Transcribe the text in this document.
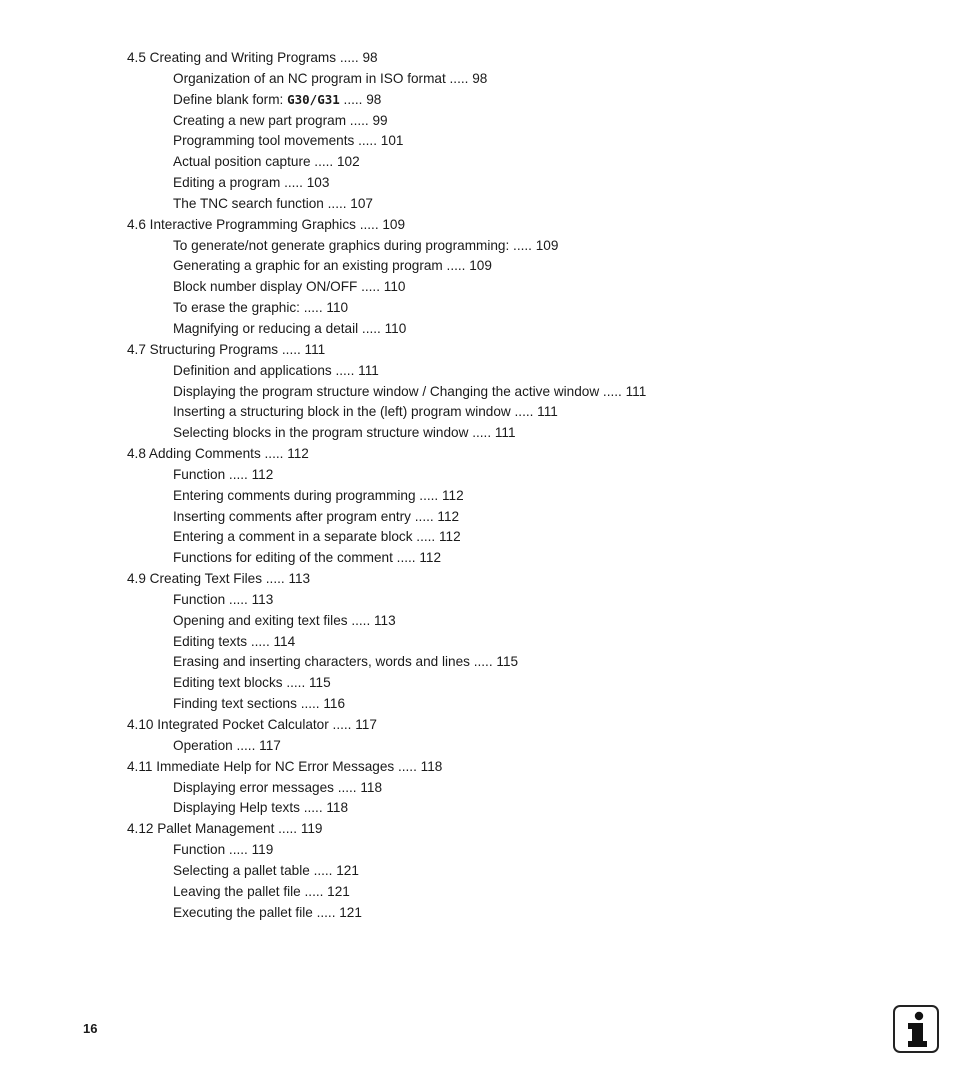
4.5 Creating and Writing Programs ..... 98
Organization of an NC program in ISO format ..... 98
Define blank form: G30/G31 ..... 98
Creating a new part program ..... 99
Programming tool movements ..... 101
Actual position capture ..... 102
Editing a program ..... 103
The TNC search function ..... 107
4.6 Interactive Programming Graphics ..... 109
To generate/not generate graphics during programming: ..... 109
Generating a graphic for an existing program ..... 109
Block number display ON/OFF ..... 110
To erase the graphic: ..... 110
Magnifying or reducing a detail ..... 110
4.7 Structuring Programs ..... 111
Definition and applications ..... 111
Displaying the program structure window / Changing the active window ..... 111
Inserting a structuring block in the (left) program window ..... 111
Selecting blocks in the program structure window ..... 111
4.8 Adding Comments ..... 112
Function ..... 112
Entering comments during programming ..... 112
Inserting comments after program entry ..... 112
Entering a comment in a separate block ..... 112
Functions for editing of the comment ..... 112
4.9 Creating Text Files ..... 113
Function ..... 113
Opening and exiting text files ..... 113
Editing texts ..... 114
Erasing and inserting characters, words and lines ..... 115
Editing text blocks ..... 115
Finding text sections ..... 116
4.10 Integrated Pocket Calculator ..... 117
Operation ..... 117
4.11 Immediate Help for NC Error Messages ..... 118
Displaying error messages ..... 118
Displaying Help texts ..... 118
4.12 Pallet Management ..... 119
Function ..... 119
Selecting a pallet table ..... 121
Leaving the pallet file ..... 121
Executing the pallet file ..... 121
16
